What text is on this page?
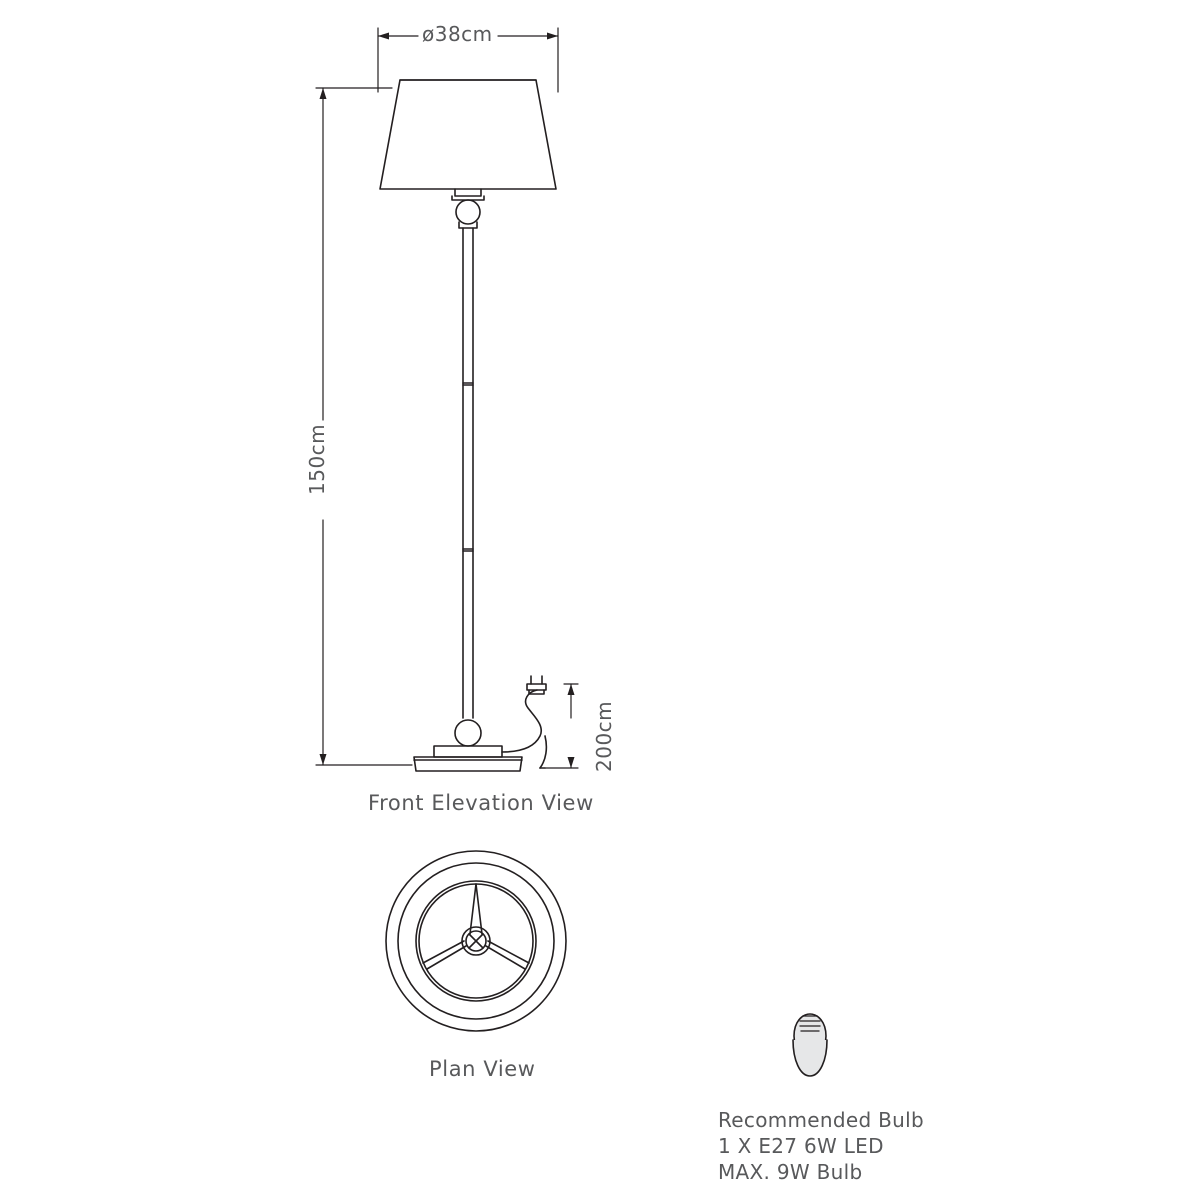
ø38cm
150cm
200cm
Front Elevation View
Plan View
Recommended Bulb
1 X E27 6W LED
MAX. 9W Bulb
